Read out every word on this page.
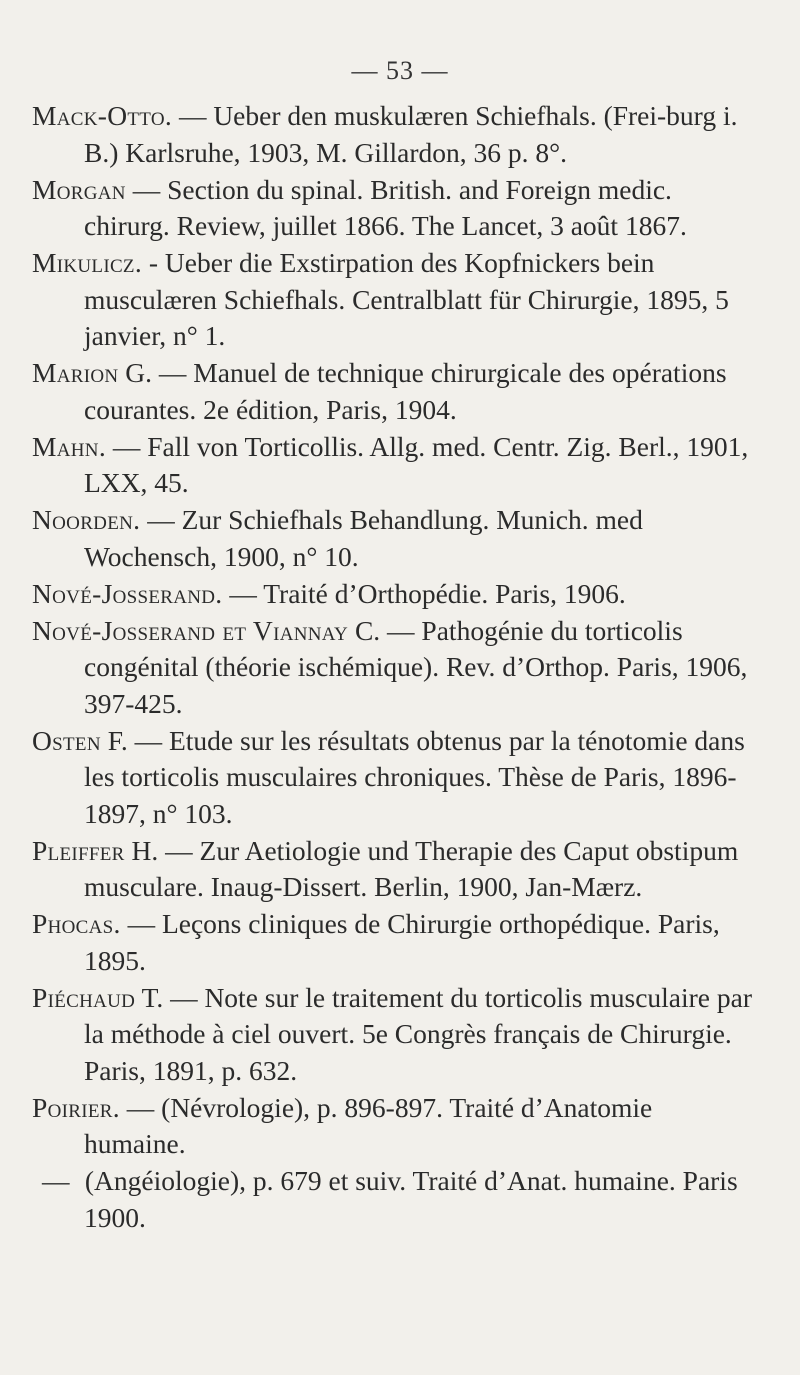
— 53 —

Mack-Otto. — Ueber den muskulæren Schiefhals. (Frei-burg i. B.) Karlsruhe, 1903, M. Gillardon, 36 p. 8°.

Morgan — Section du spinal. British. and Foreign medic. chirurg. Review, juillet 1866. The Lancet, 3 août 1867.

Mikulicz. - Ueber die Exstirpation des Kopfnickers bein musculæren Schiefhals. Centralblatt für Chirurgie, 1895, 5 janvier, n° 1.

Marion G. — Manuel de technique chirurgicale des opérations courantes. 2e édition, Paris, 1904.

Mahn. — Fall von Torticollis. Allg. med. Centr. Zig. Berl., 1901, LXX, 45.

Noorden. — Zur Schiefhals Behandlung. Munich. med Wochensch, 1900, n° 10.

Nové-Josserand. — Traité d’Orthopédie. Paris, 1906.

Nové-Josserand et Viannay C. — Pathogénie du torticolis congénital (théorie ischémique). Rev. d’Orthop. Paris, 1906, 397-425.

Osten F. — Etude sur les résultats obtenus par la ténotomie dans les torticolis musculaires chroniques. Thèse de Paris, 1896-1897, n° 103.

Pleiffer H. — Zur Aetiologie und Therapie des Caput obstipum musculare. Inaug-Dissert. Berlin, 1900, Jan-Mærz.

Phocas. — Leçons cliniques de Chirurgie orthopédique. Paris, 1895.

Piéchaud T. — Note sur le traitement du torticolis musculaire par la méthode à ciel ouvert. 5e Congrès français de Chirurgie. Paris, 1891, p. 632.

Poirier. — (Névrologie), p. 896-897. Traité d’Anatomie humaine.

— (Angéiologie), p. 679 et suiv. Traité d’Anat. humaine. Paris 1900.
